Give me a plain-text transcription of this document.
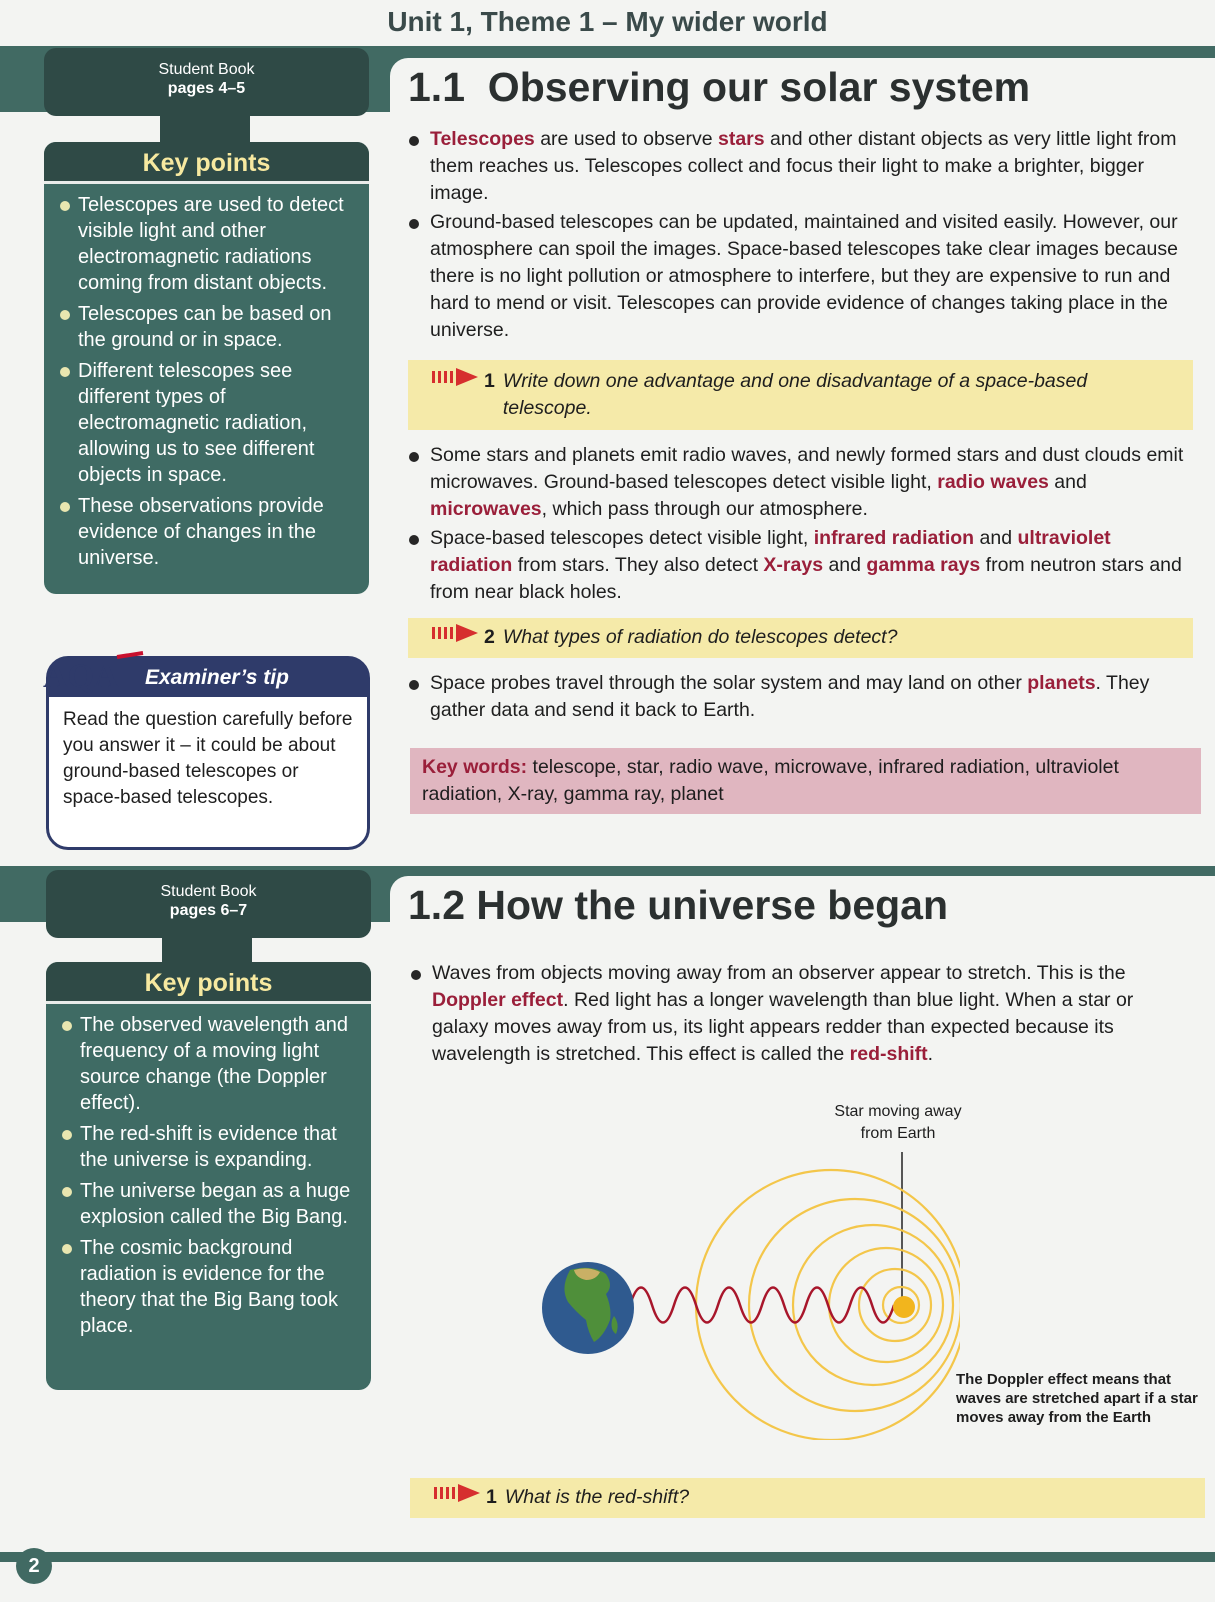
Unit 1, Theme 1 – My wider world
1.1 Observing our solar system
Student Book
pages 4–5
Key points
Telescopes are used to detect visible light and other electromagnetic radiations coming from distant objects.
Telescopes can be based on the ground or in space.
Different telescopes see different types of electromagnetic radiation, allowing us to see different objects in space.
These observations provide evidence of changes in the universe.
AQA	Examiner’s tip
Read the question carefully before you answer it – it could be about ground-based telescopes or space-based telescopes.
Telescopes are used to observe stars and other distant objects as very little light from them reaches us. Telescopes collect and focus their light to make a brighter, bigger image.
Ground-based telescopes can be updated, maintained and visited easily. However, our atmosphere can spoil the images. Space-based telescopes take clear images because there is no light pollution or atmosphere to interfere, but they are expensive to run and hard to mend or visit. Telescopes can provide evidence of changes taking place in the universe.
1 Write down one advantage and one disadvantage of a space-based telescope.
Some stars and planets emit radio waves, and newly formed stars and dust clouds emit microwaves. Ground-based telescopes detect visible light, radio waves and microwaves, which pass through our atmosphere.
Space-based telescopes detect visible light, infrared radiation and ultraviolet radiation from stars. They also detect X-rays and gamma rays from neutron stars and from near black holes.
2 What types of radiation do telescopes detect?
Space probes travel through the solar system and may land on other planets. They gather data and send it back to Earth.
Key words: telescope, star, radio wave, microwave, infrared radiation, ultraviolet radiation, X-ray, gamma ray, planet
1.2 How the universe began
Student Book
pages 6–7
Key points
The observed wavelength and frequency of a moving light source change (the Doppler effect).
The red-shift is evidence that the universe is expanding.
The universe began as a huge explosion called the Big Bang.
The cosmic background radiation is evidence for the theory that the Big Bang took place.
Waves from objects moving away from an observer appear to stretch. This is the Doppler effect. Red light has a longer wavelength than blue light. When a star or galaxy moves away from us, its light appears redder than expected because its wavelength is stretched. This effect is called the red-shift.
Star moving away from Earth
The Doppler effect means that waves are stretched apart if a star moves away from the Earth
1 What is the red-shift?
2
